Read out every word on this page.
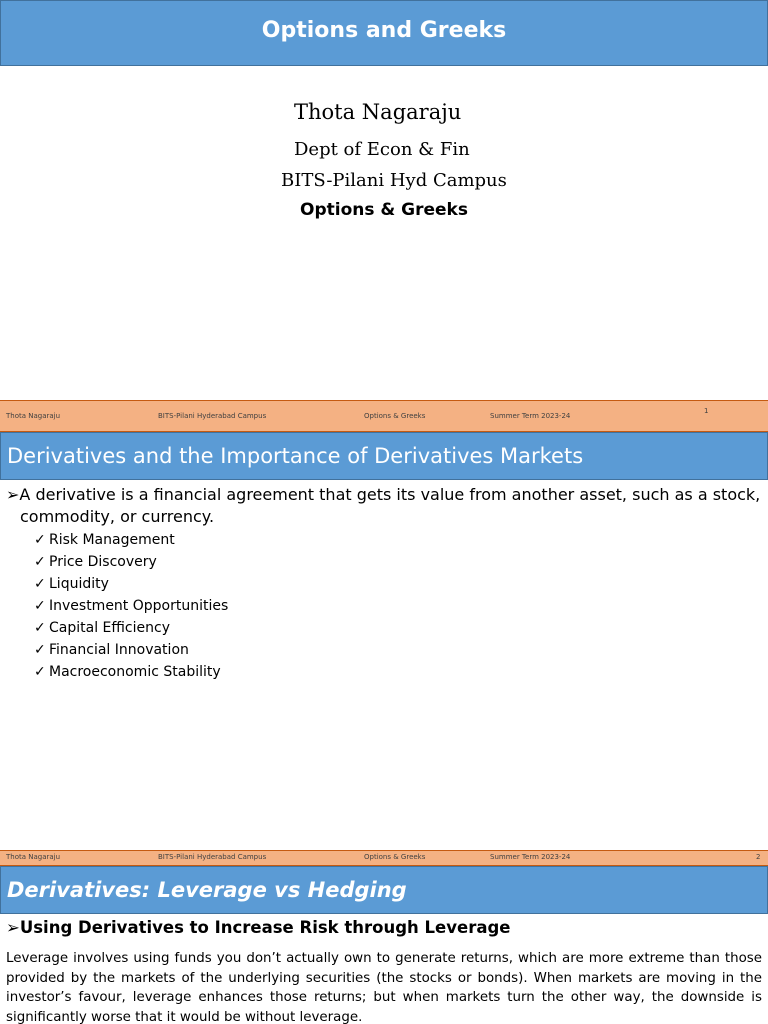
Options and Greeks
Thota Nagaraju
Dept of Econ & Fin
BITS-Pilani Hyd Campus
Options & Greeks
Thota Nagaraju	BITS-Pilani Hyderabad Campus	Options & Greeks	Summer Term 2023-24
1
Derivatives and the Importance of Derivatives Markets
➢A derivative is a financial agreement that gets its value from another asset, such as a stock, commodity, or currency.
✓ Risk Management
✓ Price Discovery
✓ Liquidity
✓ Investment Opportunities
✓ Capital Efficiency
✓ Financial Innovation
✓ Macroeconomic Stability
Thota Nagaraju	BITS-Pilani Hyderabad Campus	Options & Greeks	Summer Term 2023-24	2
Derivatives: Leverage vs Hedging
➢Using Derivatives to Increase Risk through Leverage
Leverage involves using funds you don’t actually own to generate returns, which are more extreme than those provided by the markets of the underlying securities (the stocks or bonds). When markets are moving in the investor’s favour, leverage enhances those returns; but when markets turn the other way, the downside is significantly worse that it would be without leverage.
